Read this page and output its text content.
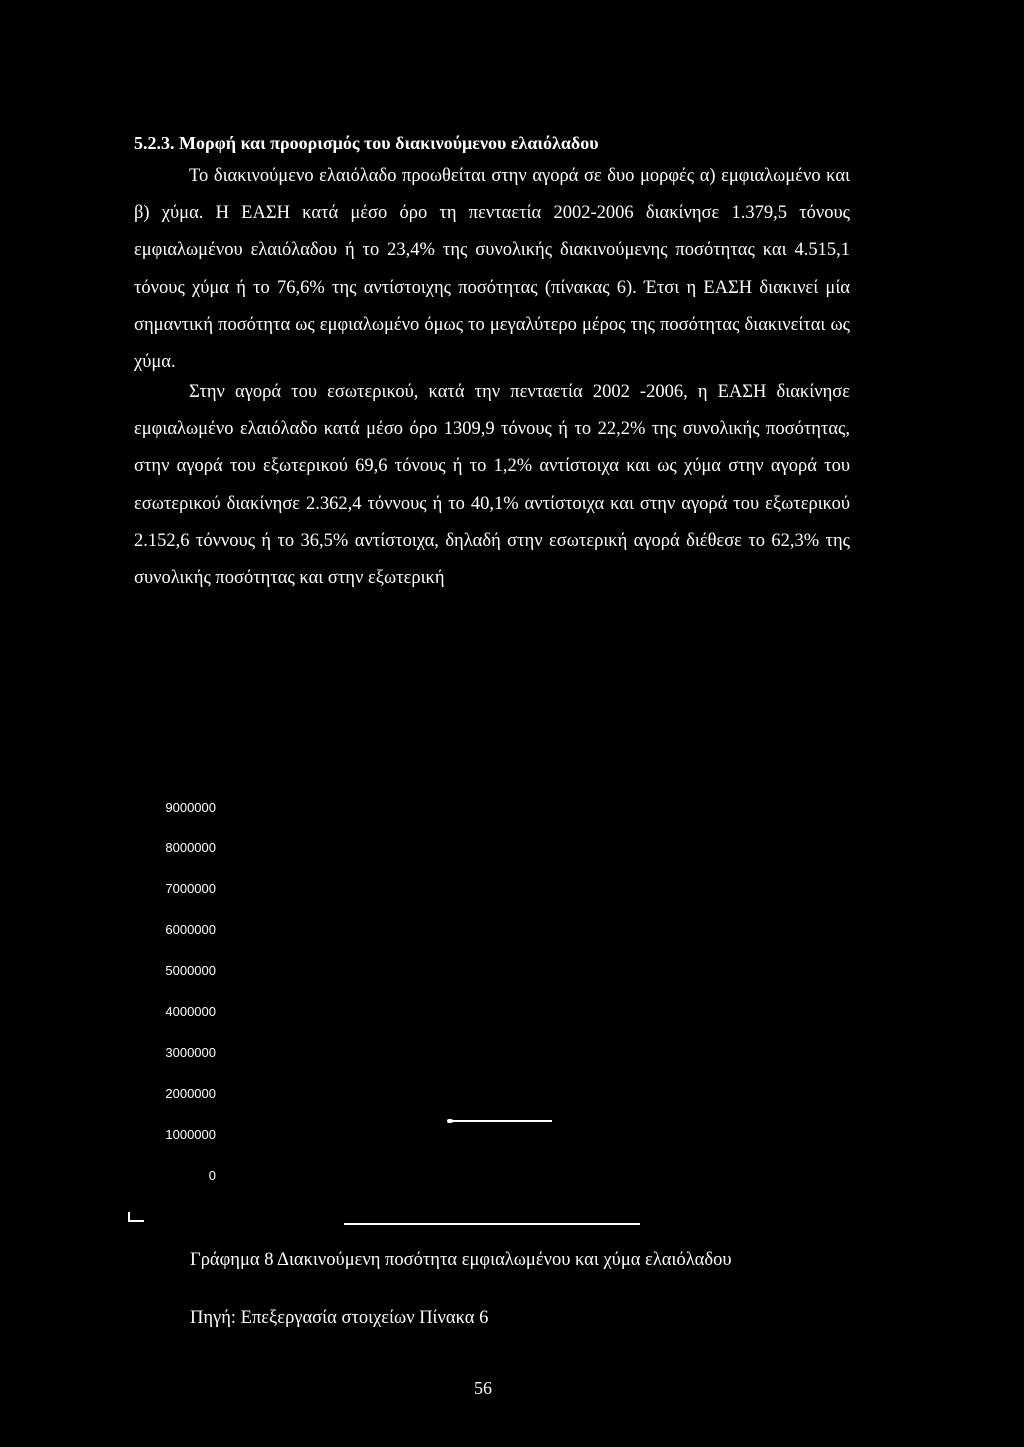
5.2.3. Μορφή και προορισμός του διακινούμενου ελαιόλαδου

Το διακινούμενο ελαιόλαδο προωθείται στην αγορά σε δυο μορφές α) εμφιαλωμένο και β) χύμα. Η ΕΑΣΗ κατά μέσο όρο τη πενταετία 2002-2006 διακίνησε 1.379,5 τόνους εμφιαλωμένου ελαιόλαδου ή το 23,4% της συνολικής διακινούμενης ποσότητας και 4.515,1 τόνους χύμα ή το 76,6% της αντίστοιχης ποσότητας (πίνακας 6). Έτσι η ΕΑΣΗ διακινεί μία σημαντική ποσότητα ως εμφιαλωμένο όμως το μεγαλύτερο μέρος της ποσότητας διακινείται ως χύμα.

Στην αγορά του εσωτερικού, κατά την πενταετία 2002 -2006, η ΕΑΣΗ διακίνησε εμφιαλωμένο ελαιόλαδο κατά μέσο όρο 1309,9 τόνους ή το 22,2% της συνολικής ποσότητας, στην αγορά του εξωτερικού 69,6 τόνους ή το 1,2% αντίστοιχα και ως χύμα στην αγορά του εσωτερικού διακίνησε 2.362,4 τόννους ή το 40,1% αντίστοιχα και στην αγορά του εξωτερικού 2.152,6 τόννους ή το 36,5% αντίστοιχα, δηλαδή στην εσωτερική αγορά διέθεσε το 62,3% της συνολικής ποσότητας και στην εξωτερική

9000000
8000000
7000000
6000000
5000000
4000000
3000000
2000000
1000000
0

Γράφημα 8 Διακινούμενη ποσότητα εμφιαλωμένου και χύμα ελαιόλαδου

Πηγή: Επεξεργασία στοιχείων Πίνακα 6

56
